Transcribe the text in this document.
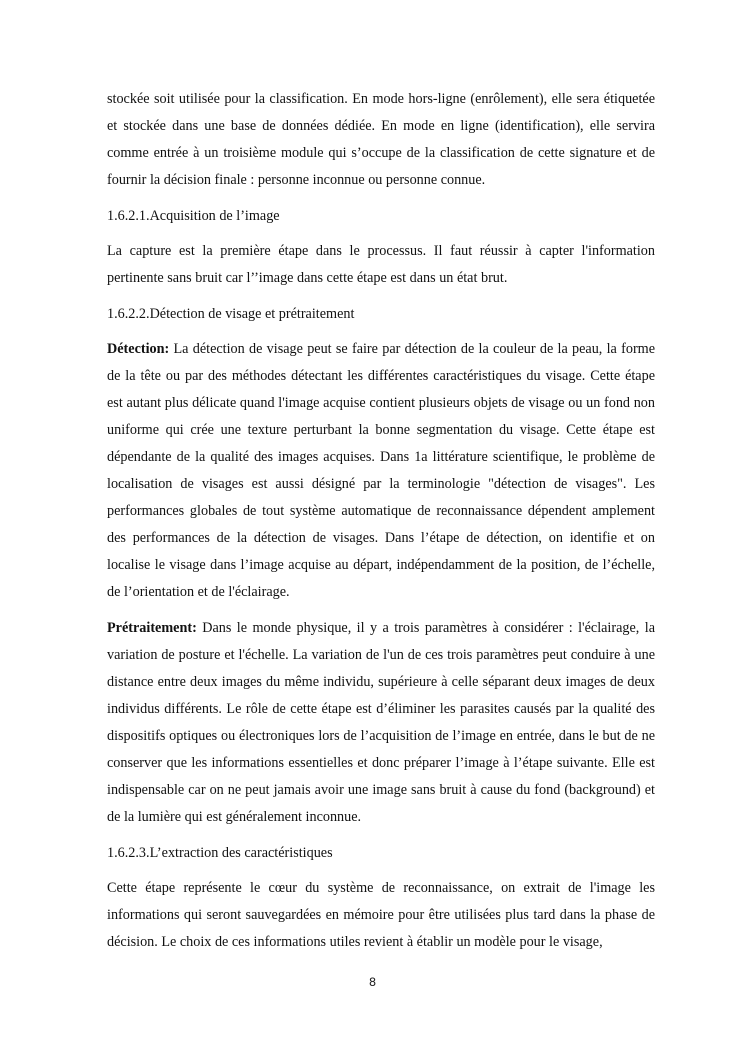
stockée soit utilisée pour la classification. En mode hors-ligne (enrôlement), elle sera étiquetée et stockée dans une base de données dédiée. En mode en ligne (identification), elle servira comme entrée à un troisième module qui s’occupe de la classification de cette signature et de fournir la décision finale : personne inconnue ou personne connue.

1.6.2.1.Acquisition de l’image

La capture est la première étape dans le processus. Il faut réussir à capter l'information pertinente sans bruit car l’’image dans cette étape est dans un état brut.

1.6.2.2.Détection de visage et prétraitement

Détection: La détection de visage peut se faire par détection de la couleur de la peau, la forme de la tête ou par des méthodes détectant les différentes caractéristiques du visage. Cette étape est autant plus délicate quand l'image acquise contient plusieurs objets de visage ou un fond non uniforme qui crée une texture perturbant la bonne segmentation du visage. Cette étape est dépendante de la qualité des images acquises. Dans 1a littérature scientifique, le problème de localisation de visages est aussi désigné par la terminologie "détection de visages". Les performances globales de tout système automatique de reconnaissance dépendent amplement des performances de la détection de visages. Dans l’étape de détection, on identifie et on localise le visage dans l’image acquise au départ, indépendamment de la position, de l’échelle, de l’orientation et de l'éclairage.

Prétraitement: Dans le monde physique, il y a trois paramètres à considérer : l'éclairage, la variation de posture et l'échelle. La variation de l'un de ces trois paramètres peut conduire à une distance entre deux images du même individu, supérieure à celle séparant deux images de deux individus différents. Le rôle de cette étape est d’éliminer les parasites causés par la qualité des dispositifs optiques ou électroniques lors de l’acquisition de l’image en entrée, dans le but de ne conserver que les informations essentielles et donc préparer l’image à l’étape suivante. Elle est indispensable car on ne peut jamais avoir une image sans bruit à cause du fond (background) et de la lumière qui est généralement inconnue.

1.6.2.3.L’extraction des caractéristiques

Cette étape représente le cœur du système de reconnaissance, on extrait de l'image les informations qui seront sauvegardées en mémoire pour être utilisées plus tard dans la phase de décision. Le choix de ces informations utiles revient à établir un modèle pour le visage,

8
